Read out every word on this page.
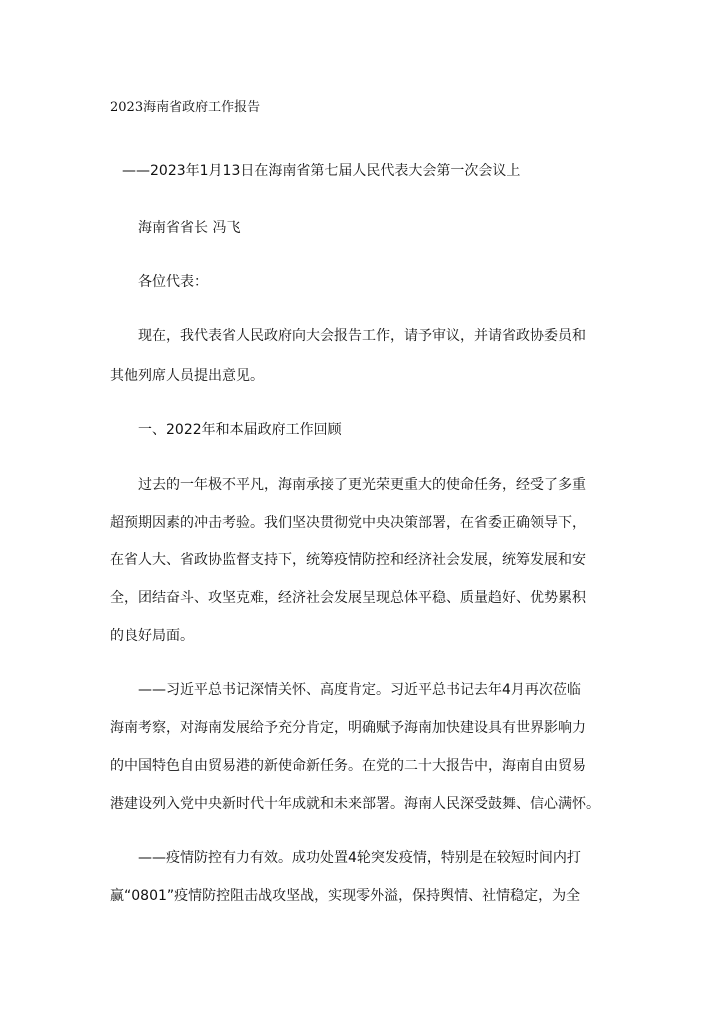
2023海南省政府工作报告
——2023年1月13日在海南省第七届人民代表大会第一次会议上
海南省省长 冯飞
各位代表：
现在，我代表省人民政府向大会报告工作，请予审议，并请省政协委员和
其他列席人员提出意见。
一、2022年和本届政府工作回顾
过去的一年极不平凡，海南承接了更光荣更重大的使命任务，经受了多重
超预期因素的冲击考验。我们坚决贯彻党中央决策部署，在省委正确领导下，
在省人大、省政协监督支持下，统筹疫情防控和经济社会发展，统筹发展和安
全，团结奋斗、攻坚克难，经济社会发展呈现总体平稳、质量趋好、优势累积
的良好局面。
——习近平总书记深情关怀、高度肯定。习近平总书记去年4月再次莅临
海南考察，对海南发展给予充分肯定，明确赋予海南加快建设具有世界影响力
的中国特色自由贸易港的新使命新任务。在党的二十大报告中，海南自由贸易
港建设列入党中央新时代十年成就和未来部署。海南人民深受鼓舞、信心满怀。
——疫情防控有力有效。成功处置4轮突发疫情，特别是在较短时间内打
赢“0801”疫情防控阻击战攻坚战，实现零外溢，保持舆情、社情稳定，为全
